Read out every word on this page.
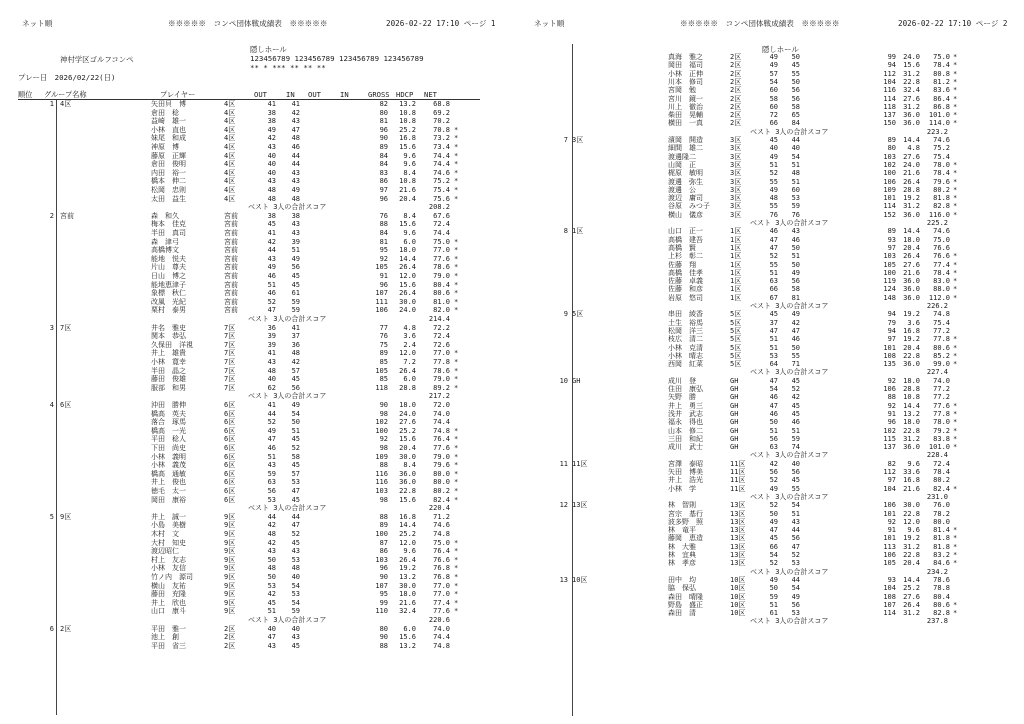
ネット順	※※※※※　コンペ団体戦成績表　※※※※※	2026-02-22 17:10 ページ 1
神村学区ゴルフコンペ
隠しホール
123456789 123456789 123456789 123456789
** * *** ** ** **
プレー日　2026/02/22(日)
順位 グループ名称	プレイヤー	OUT	IN OUT	IN	GROSS HDCP NET
1 4区	矢田貝　博	4区	41	41	82	13.2	68.8
倉田　稔	4区	38	42	80	10.8	69.2
益崎　雄一	4区	38	43	81	10.8	70.2
小林　直也	4区	49	47	96	25.2	70.8 *
妹尾　和成	4区	42	48	90	16.8	73.2 *
神原　博	4区	43	46	89	15.6	73.4 *
藤原　正輝	4区	40	44	84	9.6	74.4 *
倉田　俊明	4区	40	44	84	9.6	74.4 *
内田　裕一	4区	40	43	83	8.4	74.6 *
橋本　伸二	4区	43	43	86	10.8	75.2 *
松岡　忠则	4区	48	49	97	21.6	75.4 *
太田　益生	4区	48	48	96	20.4	75.6 *
ベスト 3人の合計スコア	208.2
2 宮前	森　和久	宮前	38	38	76	8.4	67.6
梅本　佳克	宮前	45	43	88	15.6	72.4
半田　真司	宮前	41	43	84	9.6	74.4
森　津弓	宮前	42	39	81	6.0	75.0 *
高橋博文	宮前	44	51	95	18.0	77.0 *
能地　悦夫	宮前	43	49	92	14.4	77.6 *
片山　尊夫	宮前	49	56	105	26.4	78.6 *
日山　博之	宮前	46	45	91	12.0	79.0 *
能地恵津子	宮前	51	45	96	15.6	80.4 *
象標　秋仁	宮前	46	61	107	26.4	80.6 *
改風　光紀	宮前	52	59	111	30.0	81.0 *
栗村　泰男	宮前	47	59	106	24.0	82.0 *
ベスト 3人の合計スコア	214.4
3 7区	井名　雅史	7区	36	41	77	4.8	72.2
関本　恭弘	7区	39	37	76	3.6	72.4
久保田　洋視	7区	39	36	75	2.4	72.6
井上　雄貴	7区	41	48	89	12.0	77.0 *
小林　寛幸	7区	43	42	85	7.2	77.8 *
半田　晶之	7区	48	57	105	26.4	78.6 *
藤田　俊雄	7区	40	45	85	6.0	79.0 *
服部　和男	7区	62	56	118	28.8	89.2 *
ベスト 3人の合計スコア	217.2
4 6区	沖田　勝伸	6区	41	49	90	18.0	72.0
橋高　英夫	6区	44	54	98	24.0	74.0
落合　琢馬	6区	52	50	102	27.6	74.4
橋高　一光	6区	49	51	100	25.2	74.8 *
平田　稔人	6区	47	45	92	15.6	76.4 *
下田　尚史	6区	46	52	98	20.4	77.6 *
小林　義明	6区	51	58	109	30.0	79.0 *
小林　義茂	6区	43	45	88	8.4	79.6 *
橋高　通敏	6区	59	57	116	36.0	80.0 *
井上　俊也	6区	63	53	116	36.0	80.0 *
徳毛　太一	6区	56	47	103	22.8	80.2 *
岡田　康裕	6区	53	45	98	15.6	82.4 *
ベスト 3人の合計スコア	220.4
5 9区	井上　誠一	9区	44	44	88	16.8	71.2
小島　美樹	9区	42	47	89	14.4	74.6
木村　文	9区	48	52	100	25.2	74.8
大村　知史	9区	42	45	87	12.0	75.0 *
渡辺昭仁	9区	43	43	86	9.6	76.4 *
村上　友志	9区	50	53	103	26.4	76.6 *
小林　友信	9区	48	48	96	19.2	76.8 *
竹ノ内　源司	9区	50	40	90	13.2	76.8 *
横山　友祐	9区	53	54	107	30.0	77.0 *
藤田　充隆	9区	42	53	95	18.0	77.0 *
井上　欣也	9区	45	54	99	21.6	77.4 *
山口　康斗	9区	51	59	110	32.4	77.6 *
ベスト 3人の合計スコア	220.6
6 2区	平田　雅一	2区	40	40	80	6.0	74.0
池上　創	2区	47	43	90	15.6	74.4
平田　省三	2区	43	45	88	13.2	74.8
ネット順	※※※※※　コンペ団体戦成績表　※※※※※	2026-02-22 17:10 ページ 2
隠しホール
真海　雅之	2区	49	50	99	24.0	75.0 *
岡田　福司	2区	49	45	94	15.6	78.4 *
小林　正伸	2区	57	55	112	31.2	80.8 *
川本　修司	2区	54	50	104	22.8	81.2 *
宮岡　勉	2区	60	56	116	32.4	83.6 *
宮川　鏡一	2区	58	56	114	27.6	86.4 *
川上　徹治	2区	60	58	118	31.2	86.8 *
柴田　晃輔	2区	72	65	137	36.0	101.0 *
横田　一真	2区	66	84	150	36.0	114.0 *
ベスト 3人の合計スコア	223.2
7 3区	濱岡　開造	3区	45	44	89	14.4	74.6
細間　雄二	3区	40	40	80	4.8	75.2
渡邊隆二	3区	49	54	103	27.6	75.4
山岡　正	3区	51	51	102	24.0	78.0 *
梶原　敏明	3区	52	48	100	21.6	78.4 *
渡邊　弥生	3区	55	51	106	26.4	79.6 *
渡邊　公	3区	49	60	109	28.8	80.2 *
渡辺　庸司	3区	48	53	101	19.2	81.8 *
谷原　みつ子	3区	55	59	114	31.2	82.8 *
横山　儀彦	3区	76	76	152	36.0	116.0 *
ベスト 3人の合計スコア	225.2
8 1区	山口　正一	1区	46	43	89	14.4	74.6
高橋　建吾	1区	47	46	93	18.0	75.0
高橋　賢	1区	47	50	97	20.4	76.6
上杉　彰二	1区	52	51	103	26.4	76.6 *
佐藤　翔	1区	55	50	105	27.6	77.4 *
高橋　佳孝	1区	51	49	100	21.6	78.4 *
佐藤　卓義	1区	63	56	119	36.0	83.0 *
佐藤　和彦	1区	66	58	124	36.0	88.0 *
岩原　悠司	1区	67	81	148	36.0	112.0 *
ベスト 3人の合計スコア	226.2
9 5区	串田　綾香	5区	45	49	94	19.2	74.8
土生　裕馬	5区	37	42	79	3.6	75.4
松岡　洋三	5区	47	47	94	16.8	77.2
枝広　清二	5区	51	46	97	19.2	77.8 *
小林　克清	5区	51	50	101	20.4	80.6 *
小林　晴志	5区	53	55	108	22.8	85.2 *
西岡　紅菜	5区	64	71	135	36.0	99.0 *
ベスト 3人の合計スコア	227.4
10 GH	成川　登	GH	47	45	92	18.0	74.0
住田　康弘	GH	54	52	106	28.8	77.2
矢野　勝	GH	46	42	88	10.8	77.2
井上　勇三	GH	47	45	92	14.4	77.6 *
浅井　武志	GH	46	45	91	13.2	77.8 *
福永　得也	GH	50	46	96	18.0	78.0 *
山本　修二	GH	51	51	102	22.8	79.2 *
三田　和紀	GH	56	59	115	31.2	83.8 *
成川　武士	GH	63	74	137	36.0	101.0 *
ベスト 3人の合計スコア	228.4
11 11区	宮澤　泰昭	11区	42	40	82	9.6	72.4
矢田　博美	11区	56	56	112	33.6	78.4
井上　浩光	11区	52	45	97	16.8	80.2
小林　学	11区	49	55	104	21.6	82.4 *
ベスト 3人の合計スコア	231.0
12 13区	林　智則	13区	52	54	106	30.0	76.0
宮宗　基行	13区	50	51	101	22.8	78.2
波多野　照	13区	49	43	92	12.0	80.0
林　竜平	13区	47	44	91	9.6	81.4 *
藤岡　恵造	13区	45	56	101	19.2	81.8 *
林　大雅	13区	66	47	113	31.2	81.8 *
林　宜典	13区	54	52	106	22.8	83.2 *
林　孝彦	13区	52	53	105	20.4	84.6 *
ベスト 3人の合計スコア	234.2
13 10区	田中　均	10区	49	44	93	14.4	78.6
脇　保弘	10区	50	54	104	25.2	78.8
森田　晴隆	10区	59	49	108	27.6	80.4
野島　盛正	10区	51	56	107	26.4	80.6 *
森田　清	10区	61	53	114	31.2	82.8 *
ベスト 3人の合計スコア	237.8
